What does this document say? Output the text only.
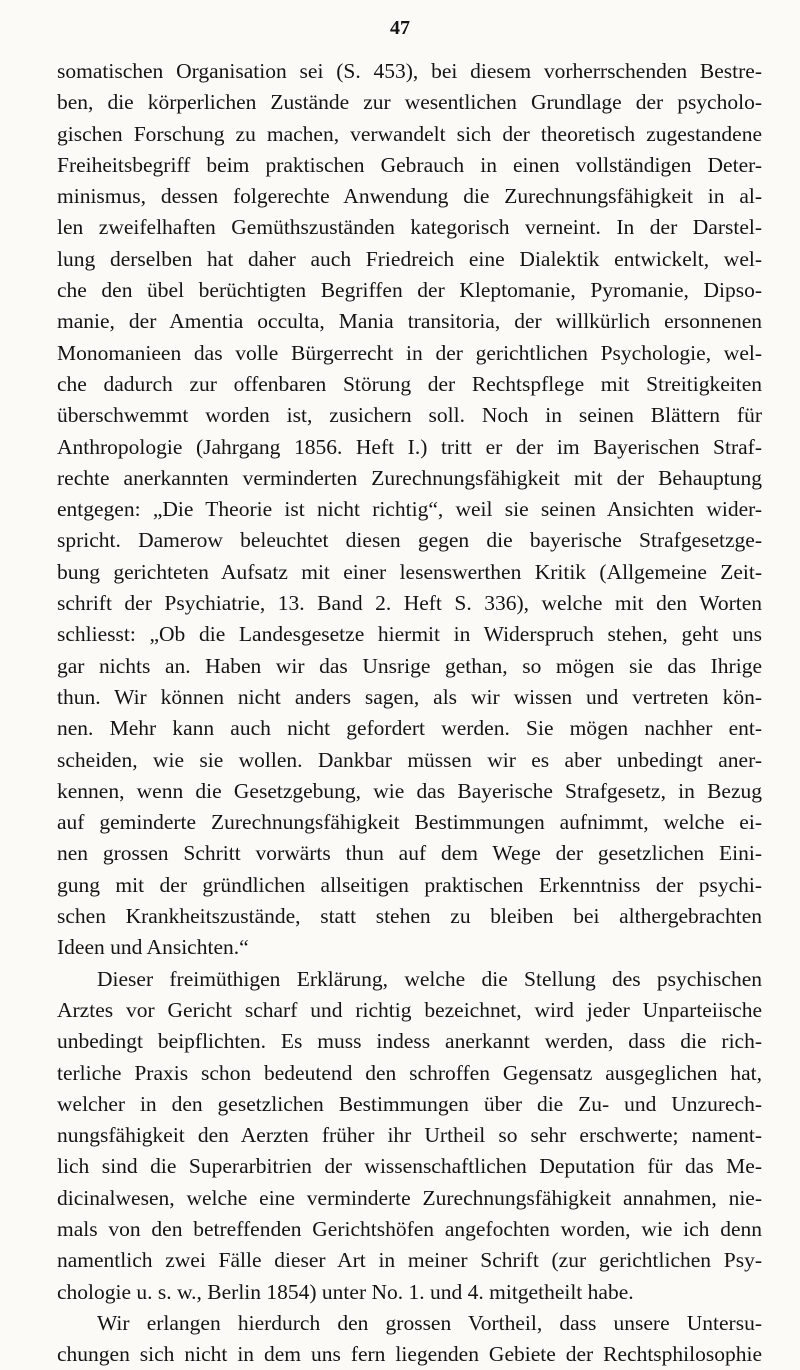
47
somatischen Organisation sei (S. 453), bei diesem vorherrschenden Bestre-
ben, die körperlichen Zustände zur wesentlichen Grundlage der psycholo-
gischen Forschung zu machen, verwandelt sich der theoretisch zugestandene
Freiheitsbegriff beim praktischen Gebrauch in einen vollständigen Deter-
minismus, dessen folgerechte Anwendung die Zurechnungsfähigkeit in al-
len zweifelhaften Gemüthszuständen kategorisch verneint. In der Darstel-
lung derselben hat daher auch Friedreich eine Dialektik entwickelt, wel-
che den übel berüchtigten Begriffen der Kleptomanie, Pyromanie, Dipso-
manie, der Amentia occulta, Mania transitoria, der willkürlich ersonnenen
Monomanieen das volle Bürgerrecht in der gerichtlichen Psychologie, wel-
che dadurch zur offenbaren Störung der Rechtspflege mit Streitigkeiten
überschwemmt worden ist, zusichern soll. Noch in seinen Blättern für
Anthropologie (Jahrgang 1856. Heft I.) tritt er der im Bayerischen Straf-
rechte anerkannten verminderten Zurechnungsfähigkeit mit der Behauptung
entgegen: „Die Theorie ist nicht richtig“, weil sie seinen Ansichten wider-
spricht. Damerow beleuchtet diesen gegen die bayerische Strafgesetzge-
bung gerichteten Aufsatz mit einer lesenswerthen Kritik (Allgemeine Zeit-
schrift der Psychiatrie, 13. Band 2. Heft S. 336), welche mit den Worten
schliesst: „Ob die Landesgesetze hiermit in Widerspruch stehen, geht uns
gar nichts an. Haben wir das Unsrige gethan, so mögen sie das Ihrige
thun. Wir können nicht anders sagen, als wir wissen und vertreten kön-
nen. Mehr kann auch nicht gefordert werden. Sie mögen nachher ent-
scheiden, wie sie wollen. Dankbar müssen wir es aber unbedingt aner-
kennen, wenn die Gesetzgebung, wie das Bayerische Strafgesetz, in Bezug
auf geminderte Zurechnungsfähigkeit Bestimmungen aufnimmt, welche ei-
nen grossen Schritt vorwärts thun auf dem Wege der gesetzlichen Eini-
gung mit der gründlichen allseitigen praktischen Erkenntniss der psychi-
schen Krankheitszustände, statt stehen zu bleiben bei althergebrachten
Ideen und Ansichten.“
Dieser freimüthigen Erklärung, welche die Stellung des psychischen
Arztes vor Gericht scharf und richtig bezeichnet, wird jeder Unparteiische
unbedingt beipflichten. Es muss indess anerkannt werden, dass die rich-
terliche Praxis schon bedeutend den schroffen Gegensatz ausgeglichen hat,
welcher in den gesetzlichen Bestimmungen über die Zu- und Unzurech-
nungsfähigkeit den Aerzten früher ihr Urtheil so sehr erschwerte; nament-
lich sind die Superarbitrien der wissenschaftlichen Deputation für das Me-
dicinalwesen, welche eine verminderte Zurechnungsfähigkeit annahmen, nie-
mals von den betreffenden Gerichtshöfen angefochten worden, wie ich denn
namentlich zwei Fälle dieser Art in meiner Schrift (zur gerichtlichen Psy-
chologie u. s. w., Berlin 1854) unter No. 1. und 4. mitgetheilt habe.
Wir erlangen hierdurch den grossen Vortheil, dass unsere Untersu-
chungen sich nicht in dem uns fern liegenden Gebiete der Rechtsphilosophie
